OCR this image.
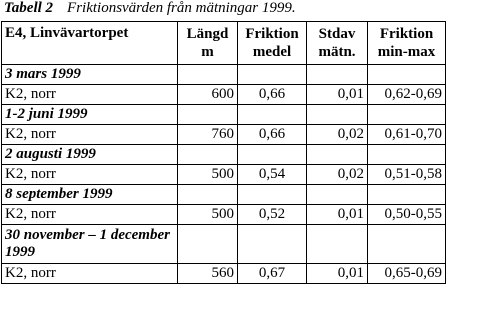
Tabell 2 Friktionsvärden från mätningar 1999.
E4, Linvävartorpet	Längd m	Friktion medel	Stdav mätn.	Friktion min-max
3 mars 1999				
K2, norr	600	0,66	0,01	0,62-0,69
1-2 juni 1999				
K2, norr	760	0,66	0,02	0,61-0,70
2 augusti 1999				
K2, norr	500	0,54	0,02	0,51-0,58
8 september 1999				
K2, norr	500	0,52	0,01	0,50-0,55
30 november – 1 december 1999				
K2, norr	560	0,67	0,01	0,65-0,69
